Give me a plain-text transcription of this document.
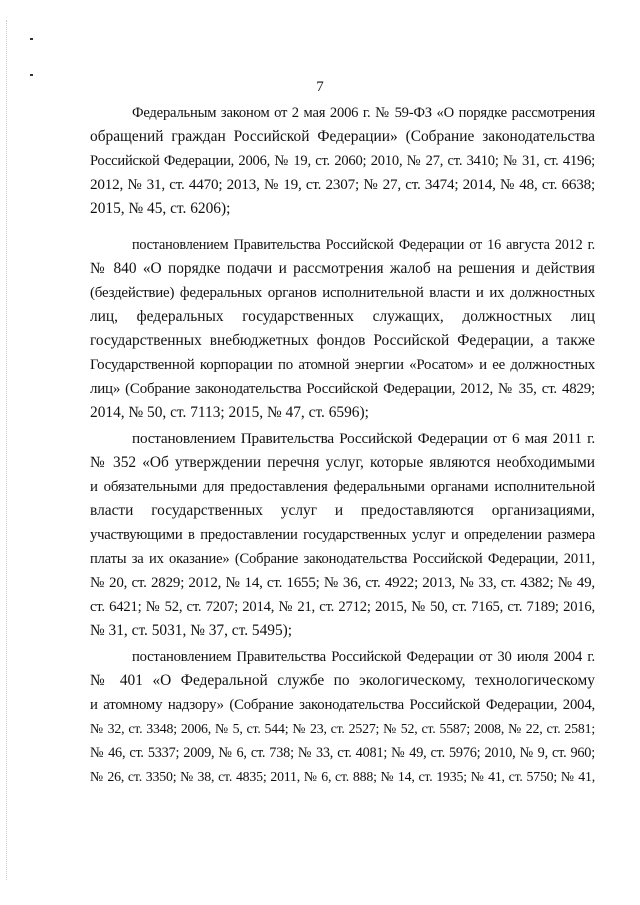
7
Федеральным законом от 2 мая 2006 г. № 59-ФЗ «О порядке рассмотрения
обращений граждан Российской Федерации» (Собрание законодательства
Российской Федерации, 2006, № 19, ст. 2060; 2010, № 27, ст. 3410; № 31, ст. 4196;
2012, № 31, ст. 4470; 2013, № 19, ст. 2307; № 27, ст. 3474; 2014, № 48, ст. 6638;
2015, № 45, ст. 6206);
постановлением Правительства Российской Федерации от 16 августа 2012 г.
№ 840 «О порядке подачи и рассмотрения жалоб на решения и действия
(бездействие) федеральных органов исполнительной власти и их должностных
лиц, федеральных государственных служащих, должностных лиц
государственных внебюджетных фондов Российской Федерации, а также
Государственной корпорации по атомной энергии «Росатом» и ее должностных
лиц» (Собрание законодательства Российской Федерации, 2012, № 35, ст. 4829;
2014, № 50, ст. 7113; 2015, № 47, ст. 6596);
постановлением Правительства Российской Федерации от 6 мая 2011 г.
№ 352 «Об утверждении перечня услуг, которые являются необходимыми
и обязательными для предоставления федеральными органами исполнительной
власти государственных услуг и предоставляются организациями,
участвующими в предоставлении государственных услуг и определении размера
платы за их оказание» (Собрание законодательства Российской Федерации, 2011,
№ 20, ст. 2829; 2012, № 14, ст. 1655; № 36, ст. 4922; 2013, № 33, ст. 4382; № 49,
ст. 6421; № 52, ст. 7207; 2014, № 21, ст. 2712; 2015, № 50, ст. 7165, ст. 7189; 2016,
№ 31, ст. 5031, № 37, ст. 5495);
постановлением Правительства Российской Федерации от 30 июля 2004 г.
№ 401 «О Федеральной службе по экологическому, технологическому
и атомному надзору» (Собрание законодательства Российской Федерации, 2004,
№ 32, ст. 3348; 2006, № 5, ст. 544; № 23, ст. 2527; № 52, ст. 5587; 2008, № 22, ст. 2581;
№ 46, ст. 5337; 2009, № 6, ст. 738; № 33, ст. 4081; № 49, ст. 5976; 2010, № 9, ст. 960;
№ 26, ст. 3350; № 38, ст. 4835; 2011, № 6, ст. 888; № 14, ст. 1935; № 41, ст. 5750; № 41,
